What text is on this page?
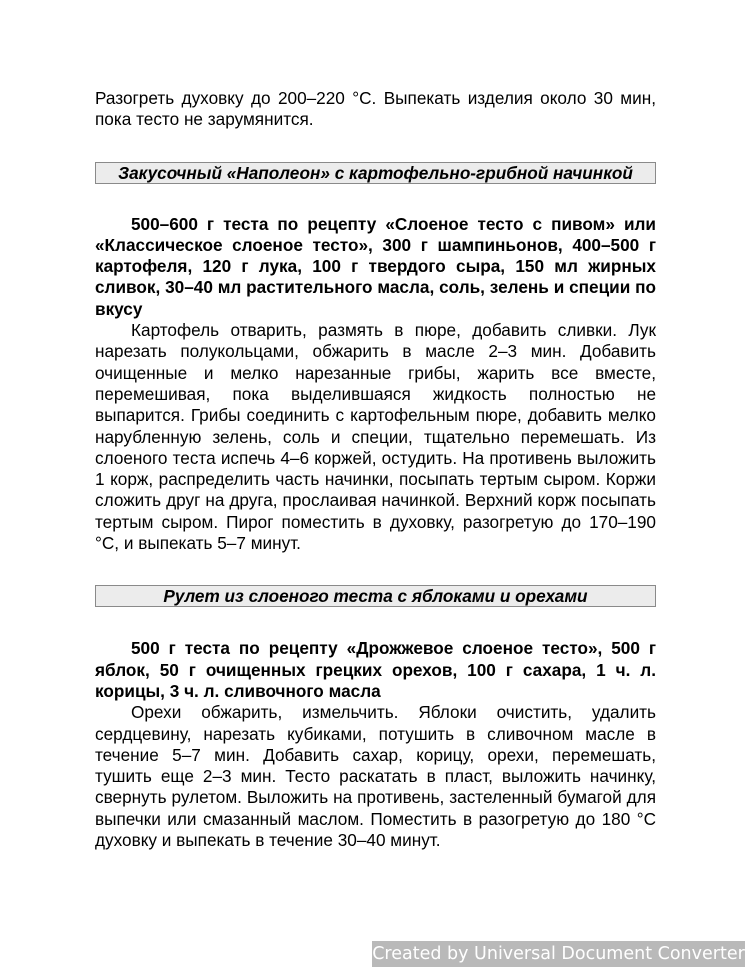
Разогреть духовку до 200–220 °С. Выпекать изделия около 30 мин, пока тесто не зарумянится.

Закусочный «Наполеон» с картофельно-грибной начинкой

500–600 г теста по рецепту «Слоеное тесто с пивом» или «Классическое слоеное тесто», 300 г шампиньонов, 400–500 г картофеля, 120 г лука, 100 г твердого сыра, 150 мл жирных сливок, 30–40 мл растительного масла, соль, зелень и специи по вкусу

Картофель отварить, размять в пюре, добавить сливки. Лук нарезать полукольцами, обжарить в масле 2–3 мин. Добавить очищенные и мелко нарезанные грибы, жарить все вместе, перемешивая, пока выделившаяся жидкость полностью не выпарится. Грибы соединить с картофельным пюре, добавить мелко нарубленную зелень, соль и специи, тщательно перемешать. Из слоеного теста испечь 4–6 коржей, остудить. На противень выложить 1 корж, распределить часть начинки, посыпать тертым сыром. Коржи сложить друг на друга, прослаивая начинкой. Верхний корж посыпать тертым сыром. Пирог поместить в духовку, разогретую до 170–190 °С, и выпекать 5–7 минут.

Рулет из слоеного теста с яблоками и орехами

500 г теста по рецепту «Дрожжевое слоеное тесто», 500 г яблок, 50 г очищенных грецких орехов, 100 г сахара, 1 ч. л. корицы, 3 ч. л. сливочного масла

Орехи обжарить, измельчить. Яблоки очистить, удалить сердцевину, нарезать кубиками, потушить в сливочном масле в течение 5–7 мин. Добавить сахар, корицу, орехи, перемешать, тушить еще 2–3 мин. Тесто раскатать в пласт, выложить начинку, свернуть рулетом. Выложить на противень, застеленный бумагой для выпечки или смазанный маслом. Поместить в разогретую до 180 °С духовку и выпекать в течение 30–40 минут.

Created by Universal Document Converter
